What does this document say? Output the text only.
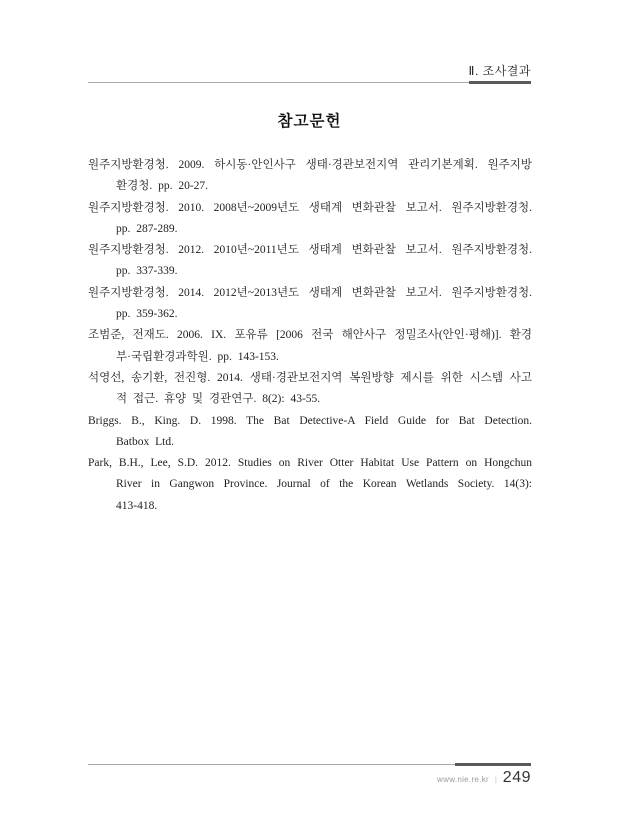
Ⅱ. 조사결과
참고문헌
원주지방환경청. 2009. 하시동·안인사구 생태·경관보전지역 관리기본계획. 원주지방
환경청. pp. 20-27.
원주지방환경청. 2010. 2008년~2009년도 생태계 변화관찰 보고서. 원주지방환경청.
pp. 287-289.
원주지방환경청. 2012. 2010년~2011년도 생태계 변화관찰 보고서. 원주지방환경청.
pp. 337-339.
원주지방환경청. 2014. 2012년~2013년도 생태계 변화관찰 보고서. 원주지방환경청.
pp. 359-362.
조범준, 전재도. 2006. IX. 포유류 [2006 전국 해안사구 정밀조사(안인·평해)]. 환경
부·국립환경과학원. pp. 143-153.
석영선, 송기환, 전진형. 2014. 생태·경관보전지역 복원방향 제시를 위한 시스템 사고
적 접근. 휴양 및 경관연구. 8(2): 43-55.
Briggs. B., King. D. 1998. The Bat Detective-A Field Guide for Bat Detection.
Batbox Ltd.
Park, B.H., Lee, S.D. 2012. Studies on River Otter Habitat Use Pattern on Hongchun
River in Gangwon Province. Journal of the Korean Wetlands Society. 14(3):
413-418.
www.nie.re.kr | 249
